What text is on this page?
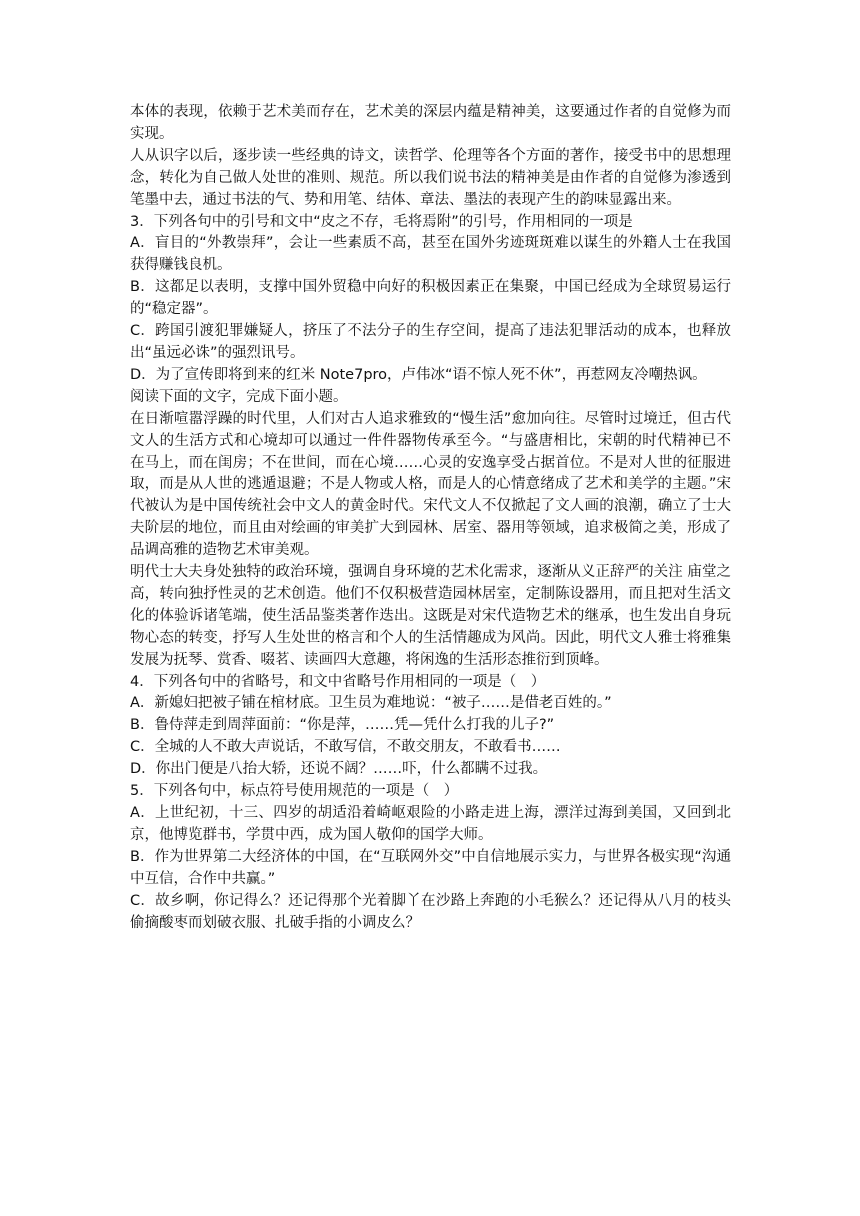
本体的表现，依赖于艺术美而存在，艺术美的深层内蕴是精神美，这要通过作者的自觉修为而实现。

人从识字以后，逐步读一些经典的诗文，读哲学、伦理等各个方面的著作，接受书中的思想理念，转化为自己做人处世的准则、规范。所以我们说书法的精神美是由作者的自觉修为渗透到笔墨中去，通过书法的气、势和用笔、结体、章法、墨法的表现产生的韵味显露出来。

3．下列各句中的引号和文中“皮之不存，毛将焉附”的引号，作用相同的一项是

A．盲目的“外教崇拜”，会让一些素质不高，甚至在国外劣迹斑斑难以谋生的外籍人士在我国获得赚钱良机。

B．这都足以表明，支撑中国外贸稳中向好的积极因素正在集聚，中国已经成为全球贸易运行的“稳定器”。

C．跨国引渡犯罪嫌疑人，挤压了不法分子的生存空间，提高了违法犯罪活动的成本，也释放出“虽远必诛”的强烈讯号。

D．为了宣传即将到来的红米 Note7pro，卢伟冰“语不惊人死不休”，再惹网友冷嘲热讽。

阅读下面的文字，完成下面小题。

在日渐喧嚣浮躁的时代里，人们对古人追求雅致的“慢生活”愈加向往。尽管时过境迁，但古代文人的生活方式和心境却可以通过一件件器物传承至今。“与盛唐相比，宋朝的时代精神已不在马上，而在闺房；不在世间，而在心境……心灵的安逸享受占据首位。不是对人世的征服进取，而是从人世的逃遁退避；不是人物或人格，而是人的心情意绪成了艺术和美学的主题。”宋代被认为是中国传统社会中文人的黄金时代。宋代文人不仅掀起了文人画的浪潮，确立了士大夫阶层的地位，而且由对绘画的审美扩大到园林、居室、器用等领域，追求极简之美，形成了品调高雅的造物艺术审美观。

明代士大夫身处独特的政治环境，强调自身环境的艺术化需求，逐渐从义正辞严的关注 庙堂之高，转向独抒性灵的艺术创造。他们不仅积极营造园林居室，定制陈设器用，而且把对生活文化的体验诉诸笔端，使生活品鉴类著作迭出。这既是对宋代造物艺术的继承，也生发出自身玩物心态的转变，抒写人生处世的格言和个人的生活情趣成为风尚。因此，明代文人雅士将雅集发展为抚琴、赏香、啜茗、读画四大意趣，将闲逸的生活形态推衍到顶峰。

4．下列各句中的省略号，和文中省略号作用相同的一项是（　）

A．新媳妇把被子铺在棺材底。卫生员为难地说：“被子……是借老百姓的。”

B．鲁侍萍走到周萍面前：“你是萍，……凭—凭什么打我的儿子?”

C．全城的人不敢大声说话，不敢写信，不敢交朋友，不敢看书……

D．你出门便是八抬大轿，还说不阔？……吓，什么都瞒不过我。

5．下列各句中，标点符号使用规范的一项是（　）

A．上世纪初，十三、四岁的胡适沿着崎岖艰险的小路走进上海，漂洋过海到美国，又回到北京，他博览群书，学贯中西，成为国人敬仰的国学大师。

B．作为世界第二大经济体的中国，在“互联网外交”中自信地展示实力，与世界各极实现“沟通中互信，合作中共赢。”

C．故乡啊，你记得么？还记得那个光着脚丫在沙路上奔跑的小毛猴么？还记得从八月的枝头偷摘酸枣而划破衣服、扎破手指的小调皮么？
